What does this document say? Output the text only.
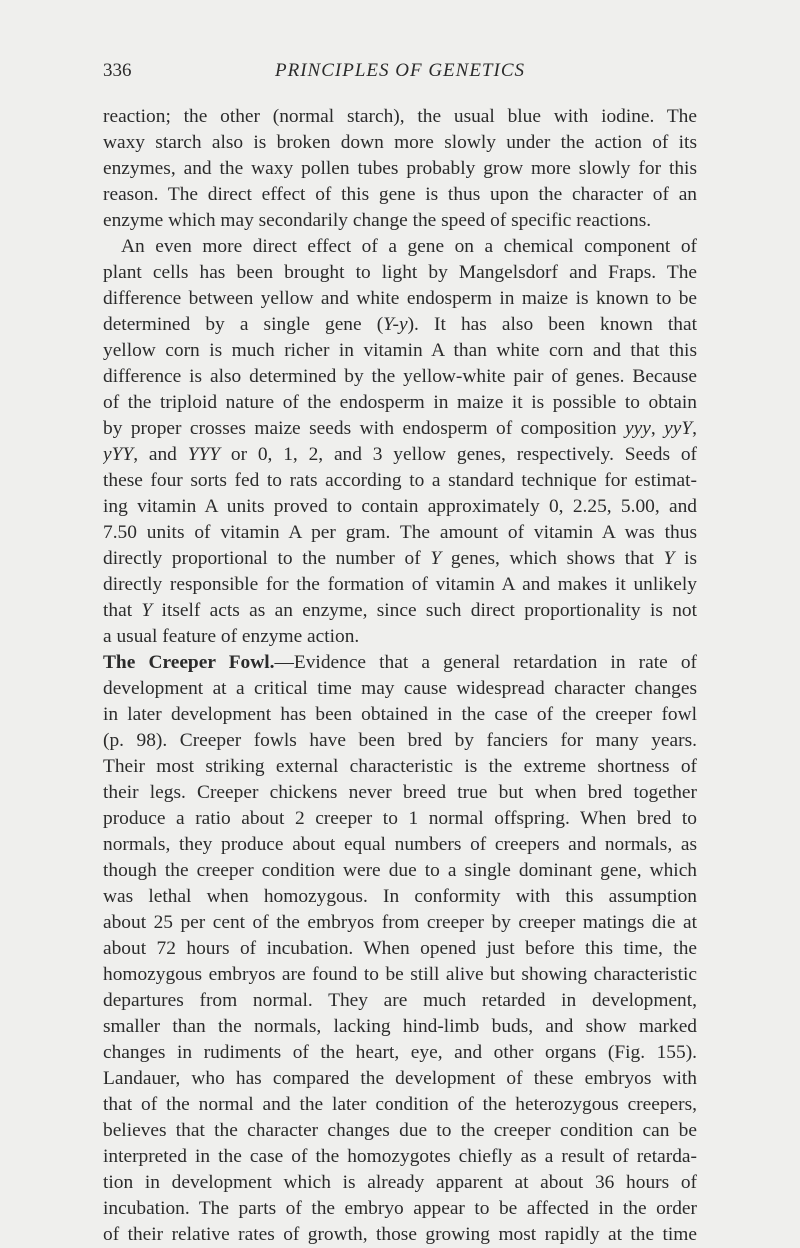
336	PRINCIPLES OF GENETICS
reaction; the other (normal starch), the usual blue with iodine. The
waxy starch also is broken down more slowly under the action of its
enzymes, and the waxy pollen tubes probably grow more slowly for this
reason. The direct effect of this gene is thus upon the character of an
enzyme which may secondarily change the speed of specific reactions.
An even more direct effect of a gene on a chemical component of
plant cells has been brought to light by Mangelsdorf and Fraps. The
difference between yellow and white endosperm in maize is known to be
determined by a single gene (Y-y). It has also been known that
yellow corn is much richer in vitamin A than white corn and that this
difference is also determined by the yellow-white pair of genes. Because
of the triploid nature of the endosperm in maize it is possible to obtain
by proper crosses maize seeds with endosperm of composition yyy, yyY,
yYY, and YYY or 0, 1, 2, and 3 yellow genes, respectively. Seeds of
these four sorts fed to rats according to a standard technique for estimat-
ing vitamin A units proved to contain approximately 0, 2.25, 5.00, and
7.50 units of vitamin A per gram. The amount of vitamin A was thus
directly proportional to the number of Y genes, which shows that Y is
directly responsible for the formation of vitamin A and makes it unlikely
that Y itself acts as an enzyme, since such direct proportionality is not
a usual feature of enzyme action.
The Creeper Fowl.—Evidence that a general retardation in rate of
development at a critical time may cause widespread character changes
in later development has been obtained in the case of the creeper fowl
(p. 98). Creeper fowls have been bred by fanciers for many years.
Their most striking external characteristic is the extreme shortness of
their legs. Creeper chickens never breed true but when bred together
produce a ratio about 2 creeper to 1 normal offspring. When bred to
normals, they produce about equal numbers of creepers and normals, as
though the creeper condition were due to a single dominant gene, which
was lethal when homozygous. In conformity with this assumption
about 25 per cent of the embryos from creeper by creeper matings die at
about 72 hours of incubation. When opened just before this time, the
homozygous embryos are found to be still alive but showing characteristic
departures from normal. They are much retarded in development,
smaller than the normals, lacking hind-limb buds, and show marked
changes in rudiments of the heart, eye, and other organs (Fig. 155).
Landauer, who has compared the development of these embryos with
that of the normal and the later condition of the heterozygous creepers,
believes that the character changes due to the creeper condition can be
interpreted in the case of the homozygotes chiefly as a result of retarda-
tion in development which is already apparent at about 36 hours of
incubation. The parts of the embryo appear to be affected in the order
of their relative rates of growth, those growing most rapidly at the time
